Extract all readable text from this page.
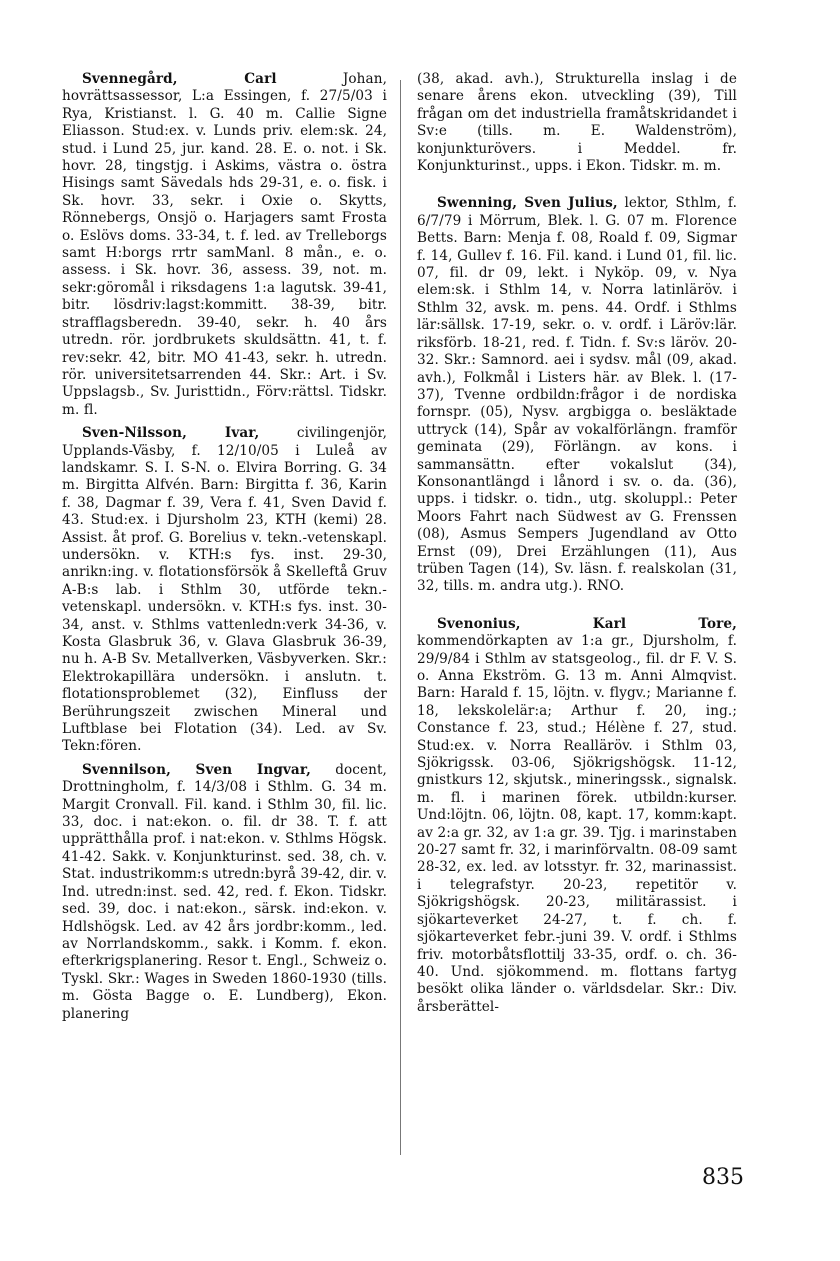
Svennegård, Carl Johan, hovrättsassessor, L:a Essingen, f. 27/5/03 i Rya, Kristianst. l. G. 40 m. Callie Signe Eliasson. Stud:ex. v. Lunds priv. elem:sk. 24, stud. i Lund 25, jur. kand. 28. E. o. not. i Sk. hovr. 28, tingstjg. i Askims, västra o. östra Hisings samt Sävedals hds 29-31, e. o. fisk. i Sk. hovr. 33, sekr. i Oxie o. Skytts, Rönnebergs, Onsjö o. Harjagers samt Frosta o. Eslövs doms. 33-34, t. f. led. av Trelleborgs samt H:borgs rrtr samManl. 8 mån., e. o. assess. i Sk. hovr. 36, assess. 39, not. m. sekr:göromål i riksdagens 1:a lagutsk. 39-41, bitr. lösdriv:lagst:kommitt. 38-39, bitr. strafflagsberedn. 39-40, sekr. h. 40 års utredn. rör. jordbrukets skuldsättn. 41, t. f. rev:sekr. 42, bitr. MO 41-43, sekr. h. utredn. rör. universitetsarrenden 44. Skr.: Art. i Sv. Uppslagsb., Sv. Juristtidn., Förv:rättsl. Tidskr. m. fl.

Sven-Nilsson, Ivar, civilingenjör, Upplands-Väsby, f. 12/10/05 i Luleå av landskamr. S. I. S-N. o. Elvira Borring. G. 34 m. Birgitta Alfvén. Barn: Birgitta f. 36, Karin f. 38, Dagmar f. 39, Vera f. 41, Sven David f. 43. Stud:ex. i Djursholm 23, KTH (kemi) 28. Assist. åt prof. G. Borelius v. tekn.-vetenskapl. undersökn. v. KTH:s fys. inst. 29-30, anrikn:ing. v. flotationsförsök å Skelleftå Gruv A-B:s lab. i Sthlm 30, utförde tekn.-vetenskapl. undersökn. v. KTH:s fys. inst. 30-34, anst. v. Sthlms vattenledn:verk 34-36, v. Kosta Glasbruk 36, v. Glava Glasbruk 36-39, nu h. A-B Sv. Metallverken, Väsbyverken. Skr.: Elektrokapillära undersökn. i anslutn. t. flotationsproblemet (32), Einfluss der Berührungszeit zwischen Mineral und Luftblase bei Flotation (34). Led. av Sv. Tekn:fören.

Svennilson, Sven Ingvar, docent, Drottningholm, f. 14/3/08 i Sthlm. G. 34 m. Margit Cronvall. Fil. kand. i Sthlm 30, fil. lic. 33, doc. i nat:ekon. o. fil. dr 38. T. f. att upprätthålla prof. i nat:ekon. v. Sthlms Högsk. 41-42. Sakk. v. Konjunkturinst. sed. 38, ch. v. Stat. industrikomm:s utredn:byrå 39-42, dir. v. Ind. utredn:inst. sed. 42, red. f. Ekon. Tidskr. sed. 39, doc. i nat:ekon., särsk. ind:ekon. v. Hdlshögsk. Led. av 42 års jordbr:komm., led. av Norrlandskomm., sakk. i Komm. f. ekon. efterkrigsplanering. Resor t. Engl., Schweiz o. Tyskl. Skr.: Wages in Sweden 1860-1930 (tills. m. Gösta Bagge o. E. Lundberg), Ekon. planering

(38, akad. avh.), Strukturella inslag i de senare årens ekon. utveckling (39), Till frågan om det industriella framåtskridandet i Sv:e (tills. m. E. Waldenström), konjunkturövers. i Meddel. fr. Konjunkturinst., upps. i Ekon. Tidskr. m. m.

Swenning, Sven Julius, lektor, Sthlm, f. 6/7/79 i Mörrum, Blek. l. G. 07 m. Florence Betts. Barn: Menja f. 08, Roald f. 09, Sigmar f. 14, Gullev f. 16. Fil. kand. i Lund 01, fil. lic. 07, fil. dr 09, lekt. i Nyköp. 09, v. Nya elem:sk. i Sthlm 14, v. Norra latinläröv. i Sthlm 32, avsk. m. pens. 44. Ordf. i Sthlms lär:sällsk. 17-19, sekr. o. v. ordf. i Läröv:lär. riksförb. 18-21, red. f. Tidn. f. Sv:s läröv. 20-32. Skr.: Samnord. aei i sydsv. mål (09, akad. avh.), Folkmål i Listers här. av Blek. l. (17-37), Tvenne ordbildn:frågor i de nordiska fornspr. (05), Nysv. argbigga o. besläktade uttryck (14), Spår av vokalförlängn. framför geminata (29), Förlängn. av kons. i sammansättn. efter vokalslut (34), Konsonantlängd i lånord i sv. o. da. (36), upps. i tidskr. o. tidn., utg. skoluppl.: Peter Moors Fahrt nach Südwest av G. Frenssen (08), Asmus Sempers Jugendland av Otto Ernst (09), Drei Erzählungen (11), Aus trüben Tagen (14), Sv. läsn. f. realskolan (31, 32, tills. m. andra utg.). RNO.

Svenonius, Karl Tore, kommendörkapten av 1:a gr., Djursholm, f. 29/9/84 i Sthlm av statsgeolog., fil. dr F. V. S. o. Anna Ekström. G. 13 m. Anni Almqvist. Barn: Harald f. 15, löjtn. v. flygv.; Marianne f. 18, lekskolelär:a; Arthur f. 20, ing.; Constance f. 23, stud.; Hélène f. 27, stud. Stud:ex. v. Norra Realläröv. i Sthlm 03, Sjökrigssk. 03-06, Sjökrigshögsk. 11-12, gnistkurs 12, skjutsk., mineringssk., signalsk. m. fl. i marinen förek. utbildn:kurser. Und:löjtn. 06, löjtn. 08, kapt. 17, komm:kapt. av 2:a gr. 32, av 1:a gr. 39. Tjg. i marinstaben 20-27 samt fr. 32, i marinförvaltn. 08-09 samt 28-32, ex. led. av lotsstyr. fr. 32, marinassist. i telegrafstyr. 20-23, repetitör v. Sjökrigshögsk. 20-23, militärassist. i sjökarteverket 24-27, t. f. ch. f. sjökarteverket febr.-juni 39. V. ordf. i Sthlms friv. motorbåtsflottilj 33-35, ordf. o. ch. 36-40. Und. sjökommend. m. flottans fartyg besökt olika länder o. världsdelar. Skr.: Div. årsberättel-

835
